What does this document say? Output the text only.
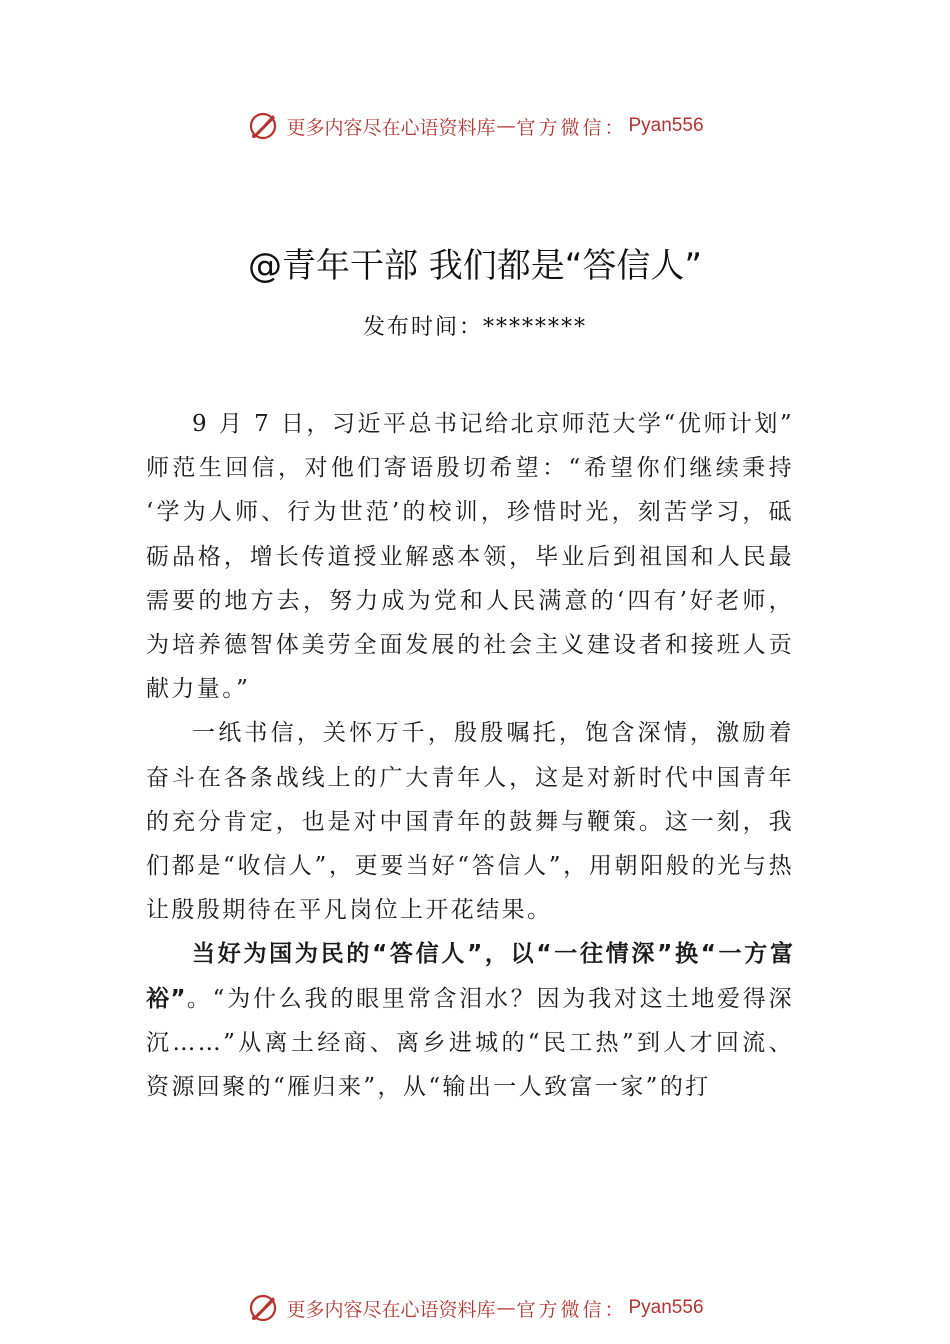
更多内容尽在心语资料库 — 官方微信： Pyan556
@青年干部 我们都是“答信人”
发布时间：********

9 月 7 日，习近平总书记给北京师范大学“优师计划” 师范生回信，对他们寄语殷切希望：“希望你们继续秉持 ‘学为人师、行为世范’的校训，珍惜时光，刻苦学习，砥砺品格，增长传道授业解惑本领，毕业后到祖国和人民最需要的地方去，努力成为党和人民满意的‘四有’好老师，为培养德智体美劳全面发展的社会主义建设者和接班人贡献力量。”

一纸书信，关怀万千，殷殷嘱托，饱含深情，激励着奋斗在各条战线上的广大青年人，这是对新时代中国青年的充分肯定，也是对中国青年的鼓舞与鞭策。这一刻，我们都是“收信人”，更要当好“答信人”，用朝阳般的光与热让殷殷期待在平凡岗位上开花结果。

当好为国为民的“答信人”，以“一往情深”换“一方富裕”。“为什么我的眼里常含泪水？因为我对这土地爱得深沉……”从离土经商、离乡进城的“民工热”到人才回流、资源回聚的“雁归来”，从“输出一人致富一家”的打

更多内容尽在心语资料库 — 官方微信： Pyan556
